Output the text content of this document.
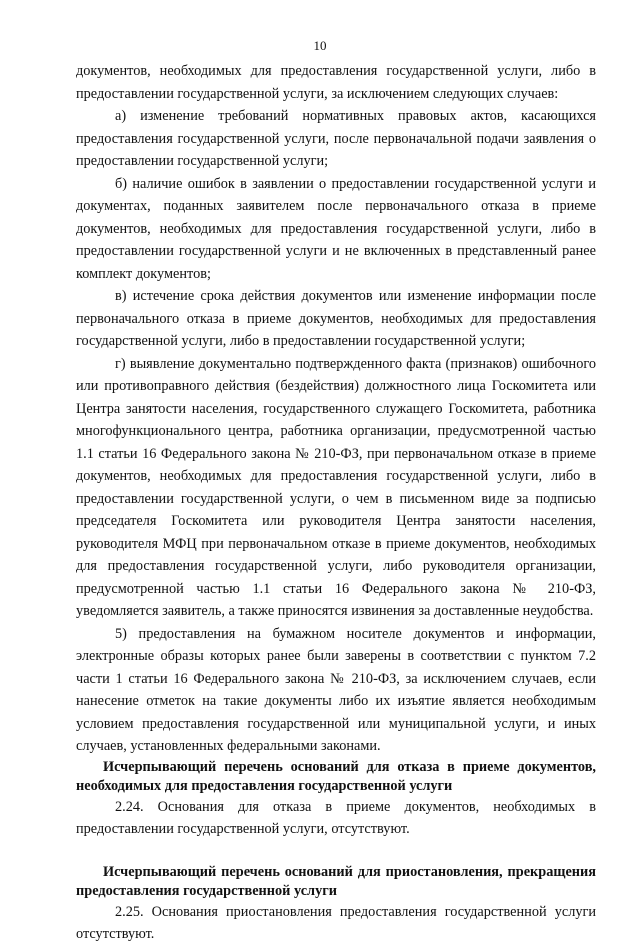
10

документов, необходимых для предоставления государственной услуги, либо в предоставлении государственной услуги, за исключением следующих случаев:

а) изменение требований нормативных правовых актов, касающихся предоставления государственной услуги, после первоначальной подачи заявления о предоставлении государственной услуги;

б) наличие ошибок в заявлении о предоставлении государственной услуги и документах, поданных заявителем после первоначального отказа в приеме документов, необходимых для предоставления государственной услуги, либо в предоставлении государственной услуги и не включенных в представленный ранее комплект документов;

в) истечение срока действия документов или изменение информации после первоначального отказа в приеме документов, необходимых для предоставления государственной услуги, либо в предоставлении государственной услуги;

г) выявление документально подтвержденного факта (признаков) ошибочного или противоправного действия (бездействия) должностного лица Госкомитета или Центра занятости населения, государственного служащего Госкомитета, работника многофункционального центра, работника организации, предусмотренной частью 1.1 статьи 16 Федерального закона № 210-ФЗ, при первоначальном отказе в приеме документов, необходимых для предоставления государственной услуги, либо в предоставлении государственной услуги, о чем в письменном виде за подписью председателя Госкомитета или руководителя Центра занятости населения, руководителя МФЦ при первоначальном отказе в приеме документов, необходимых для предоставления государственной услуги, либо руководителя организации, предусмотренной частью 1.1 статьи 16 Федерального закона № 210-ФЗ, уведомляется заявитель, а также приносятся извинения за доставленные неудобства.

5) предоставления на бумажном носителе документов и информации, электронные образы которых ранее были заверены в соответствии с пунктом 7.2 части 1 статьи 16 Федерального закона № 210-ФЗ, за исключением случаев, если нанесение отметок на такие документы либо их изъятие является необходимым условием предоставления государственной или муниципальной услуги, и иных случаев, установленных федеральными законами.

Исчерпывающий перечень оснований для отказа в приеме документов, необходимых для предоставления государственной услуги

2.24. Основания для отказа в приеме документов, необходимых в предоставлении государственной услуги, отсутствуют.

Исчерпывающий перечень оснований для приостановления, прекращения предоставления государственной услуги

2.25. Основания приостановления предоставления государственной услуги отсутствуют.
